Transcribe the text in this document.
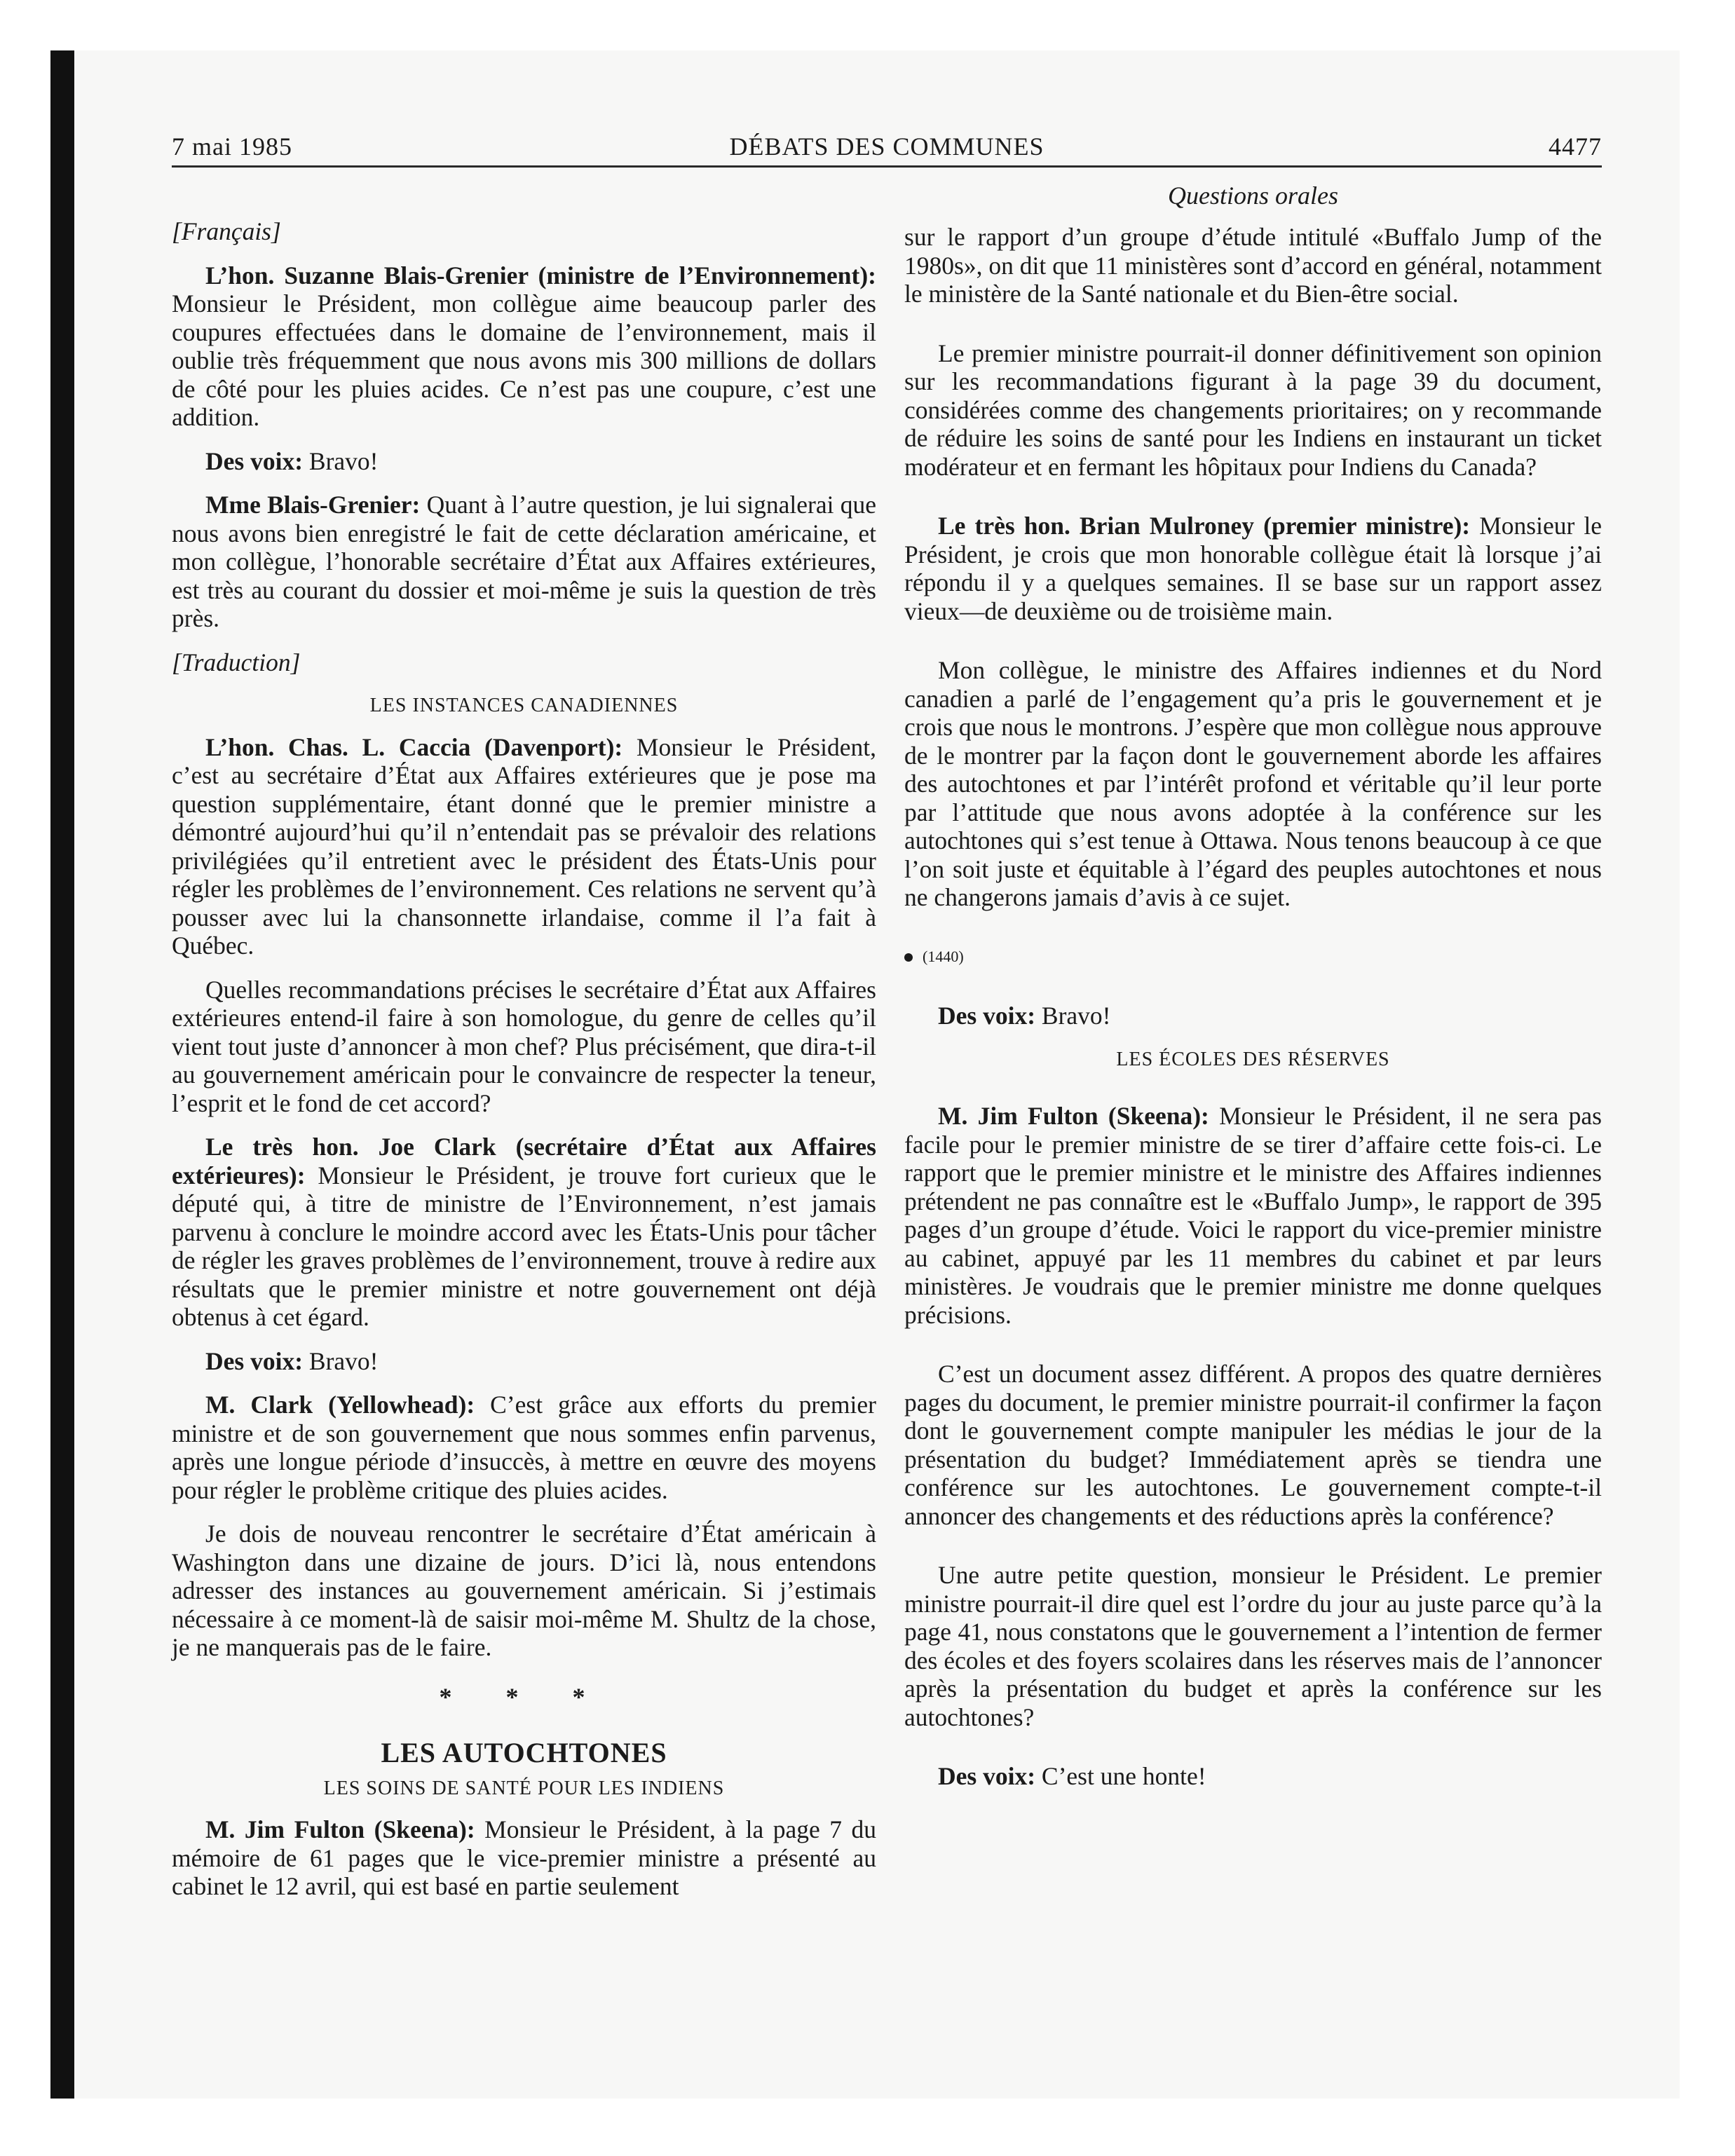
7 mai 1985	DÉBATS DES COMMUNES	4477
Questions orales

[Français]

L’hon. Suzanne Blais-Grenier (ministre de l’Environnement): Monsieur le Président, mon collègue aime beaucoup parler des coupures effectuées dans le domaine de l’environnement, mais il oublie très fréquemment que nous avons mis 300 millions de dollars de côté pour les pluies acides. Ce n’est pas une coupure, c’est une addition.

Des voix: Bravo!

Mme Blais-Grenier: Quant à l’autre question, je lui signalerai que nous avons bien enregistré le fait de cette déclaration américaine, et mon collègue, l’honorable secrétaire d’État aux Affaires extérieures, est très au courant du dossier et moi-même je suis la question de très près.

[Traduction]

LES INSTANCES CANADIENNES

L’hon. Chas. L. Caccia (Davenport): Monsieur le Président, c’est au secrétaire d’État aux Affaires extérieures que je pose ma question supplémentaire, étant donné que le premier ministre a démontré aujourd’hui qu’il n’entendait pas se prévaloir des relations privilégiées qu’il entretient avec le président des États-Unis pour régler les problèmes de l’environnement. Ces relations ne servent qu’à pousser avec lui la chansonnette irlandaise, comme il l’a fait à Québec.

Quelles recommandations précises le secrétaire d’État aux Affaires extérieures entend-il faire à son homologue, du genre de celles qu’il vient tout juste d’annoncer à mon chef? Plus précisément, que dira-t-il au gouvernement américain pour le convaincre de respecter la teneur, l’esprit et le fond de cet accord?

Le très hon. Joe Clark (secrétaire d’État aux Affaires extérieures): Monsieur le Président, je trouve fort curieux que le député qui, à titre de ministre de l’Environnement, n’est jamais parvenu à conclure le moindre accord avec les États-Unis pour tâcher de régler les graves problèmes de l’environnement, trouve à redire aux résultats que le premier ministre et notre gouvernement ont déjà obtenus à cet égard.

Des voix: Bravo!

M. Clark (Yellowhead): C’est grâce aux efforts du premier ministre et de son gouvernement que nous sommes enfin parvenus, après une longue période d’insuccès, à mettre en œuvre des moyens pour régler le problème critique des pluies acides.

Je dois de nouveau rencontrer le secrétaire d’État américain à Washington dans une dizaine de jours. D’ici là, nous entendons adresser des instances au gouvernement américain. Si j’estimais nécessaire à ce moment-là de saisir moi-même M. Shultz de la chose, je ne manquerais pas de le faire.

* * *

LES AUTOCHTONES

LES SOINS DE SANTÉ POUR LES INDIENS

M. Jim Fulton (Skeena): Monsieur le Président, à la page 7 du mémoire de 61 pages que le vice-premier ministre a présenté au cabinet le 12 avril, qui est basé en partie seulement

sur le rapport d’un groupe d’étude intitulé «Buffalo Jump of the 1980s», on dit que 11 ministères sont d’accord en général, notamment le ministère de la Santé nationale et du Bien-être social.

Le premier ministre pourrait-il donner définitivement son opinion sur les recommandations figurant à la page 39 du document, considérées comme des changements prioritaires; on y recommande de réduire les soins de santé pour les Indiens en instaurant un ticket modérateur et en fermant les hôpitaux pour Indiens du Canada?

Le très hon. Brian Mulroney (premier ministre): Monsieur le Président, je crois que mon honorable collègue était là lorsque j’ai répondu il y a quelques semaines. Il se base sur un rapport assez vieux—de deuxième ou de troisième main.

Mon collègue, le ministre des Affaires indiennes et du Nord canadien a parlé de l’engagement qu’a pris le gouvernement et je crois que nous le montrons. J’espère que mon collègue nous approuve de le montrer par la façon dont le gouvernement aborde les affaires des autochtones et par l’intérêt profond et véritable qu’il leur porte par l’attitude que nous avons adoptée à la conférence sur les autochtones qui s’est tenue à Ottawa. Nous tenons beaucoup à ce que l’on soit juste et équitable à l’égard des peuples autochtones et nous ne changerons jamais d’avis à ce sujet.

(1440)

Des voix: Bravo!

LES ÉCOLES DES RÉSERVES

M. Jim Fulton (Skeena): Monsieur le Président, il ne sera pas facile pour le premier ministre de se tirer d’affaire cette fois-ci. Le rapport que le premier ministre et le ministre des Affaires indiennes prétendent ne pas connaître est le «Buffalo Jump», le rapport de 395 pages d’un groupe d’étude. Voici le rapport du vice-premier ministre au cabinet, appuyé par les 11 membres du cabinet et par leurs ministères. Je voudrais que le premier ministre me donne quelques précisions.

C’est un document assez différent. A propos des quatre dernières pages du document, le premier ministre pourrait-il confirmer la façon dont le gouvernement compte manipuler les médias le jour de la présentation du budget? Immédiatement après se tiendra une conférence sur les autochtones. Le gouvernement compte-t-il annoncer des changements et des réductions après la conférence?

Une autre petite question, monsieur le Président. Le premier ministre pourrait-il dire quel est l’ordre du jour au juste parce qu’à la page 41, nous constatons que le gouvernement a l’intention de fermer des écoles et des foyers scolaires dans les réserves mais de l’annoncer après la présentation du budget et après la conférence sur les autochtones?

Des voix: C’est une honte!
